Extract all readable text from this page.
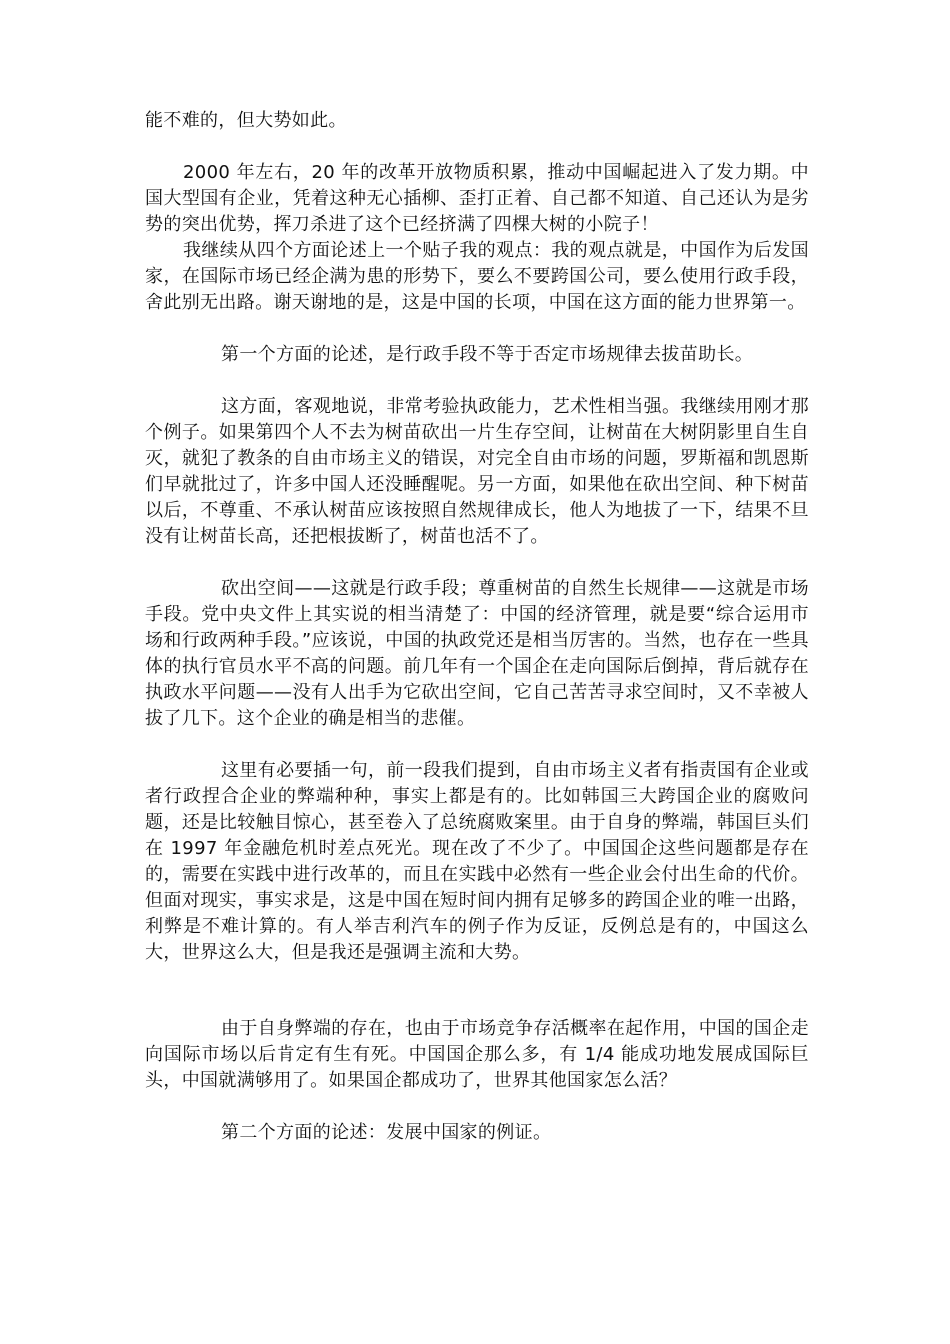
能不难的，但大势如此。

2000 年左右，20 年的改革开放物质积累，推动中国崛起进入了发力期。中国大型国有企业，凭着这种无心插柳、歪打正着、自己都不知道、自己还认为是劣势的突出优势，挥刀杀进了这个已经挤满了四棵大树的小院子！

我继续从四个方面论述上一个贴子我的观点：我的观点就是，中国作为后发国家，在国际市场已经企满为患的形势下，要么不要跨国公司，要么使用行政手段，舍此别无出路。谢天谢地的是，这是中国的长项，中国在这方面的能力世界第一。

第一个方面的论述，是行政手段不等于否定市场规律去拔苗助长。

这方面，客观地说，非常考验执政能力，艺术性相当强。我继续用刚才那个例子。如果第四个人不去为树苗砍出一片生存空间，让树苗在大树阴影里自生自灭，就犯了教条的自由市场主义的错误，对完全自由市场的问题，罗斯福和凯恩斯们早就批过了，许多中国人还没睡醒呢。另一方面，如果他在砍出空间、种下树苗以后，不尊重、不承认树苗应该按照自然规律成长，他人为地拔了一下，结果不旦没有让树苗长高，还把根拔断了，树苗也活不了。

砍出空间——这就是行政手段；尊重树苗的自然生长规律——这就是市场手段。党中央文件上其实说的相当清楚了：中国的经济管理，就是要“综合运用市场和行政两种手段。”应该说，中国的执政党还是相当厉害的。当然，也存在一些具体的执行官员水平不高的问题。前几年有一个国企在走向国际后倒掉，背后就存在执政水平问题——没有人出手为它砍出空间，它自己苦苦寻求空间时，又不幸被人拔了几下。这个企业的确是相当的悲催。

这里有必要插一句，前一段我们提到，自由市场主义者有指责国有企业或者行政捏合企业的弊端种种，事实上都是有的。比如韩国三大跨国企业的腐败问题，还是比较触目惊心，甚至卷入了总统腐败案里。由于自身的弊端，韩国巨头们在 1997 年金融危机时差点死光。现在改了不少了。中国国企这些问题都是存在的，需要在实践中进行改革的，而且在实践中必然有一些企业会付出生命的代价。但面对现实，事实求是，这是中国在短时间内拥有足够多的跨国企业的唯一出路，利弊是不难计算的。有人举吉利汽车的例子作为反证，反例总是有的，中国这么大，世界这么大，但是我还是强调主流和大势。

由于自身弊端的存在，也由于市场竞争存活概率在起作用，中国的国企走向国际市场以后肯定有生有死。中国国企那么多，有 1/4 能成功地发展成国际巨头，中国就满够用了。如果国企都成功了，世界其他国家怎么活？

第二个方面的论述：发展中国家的例证。
